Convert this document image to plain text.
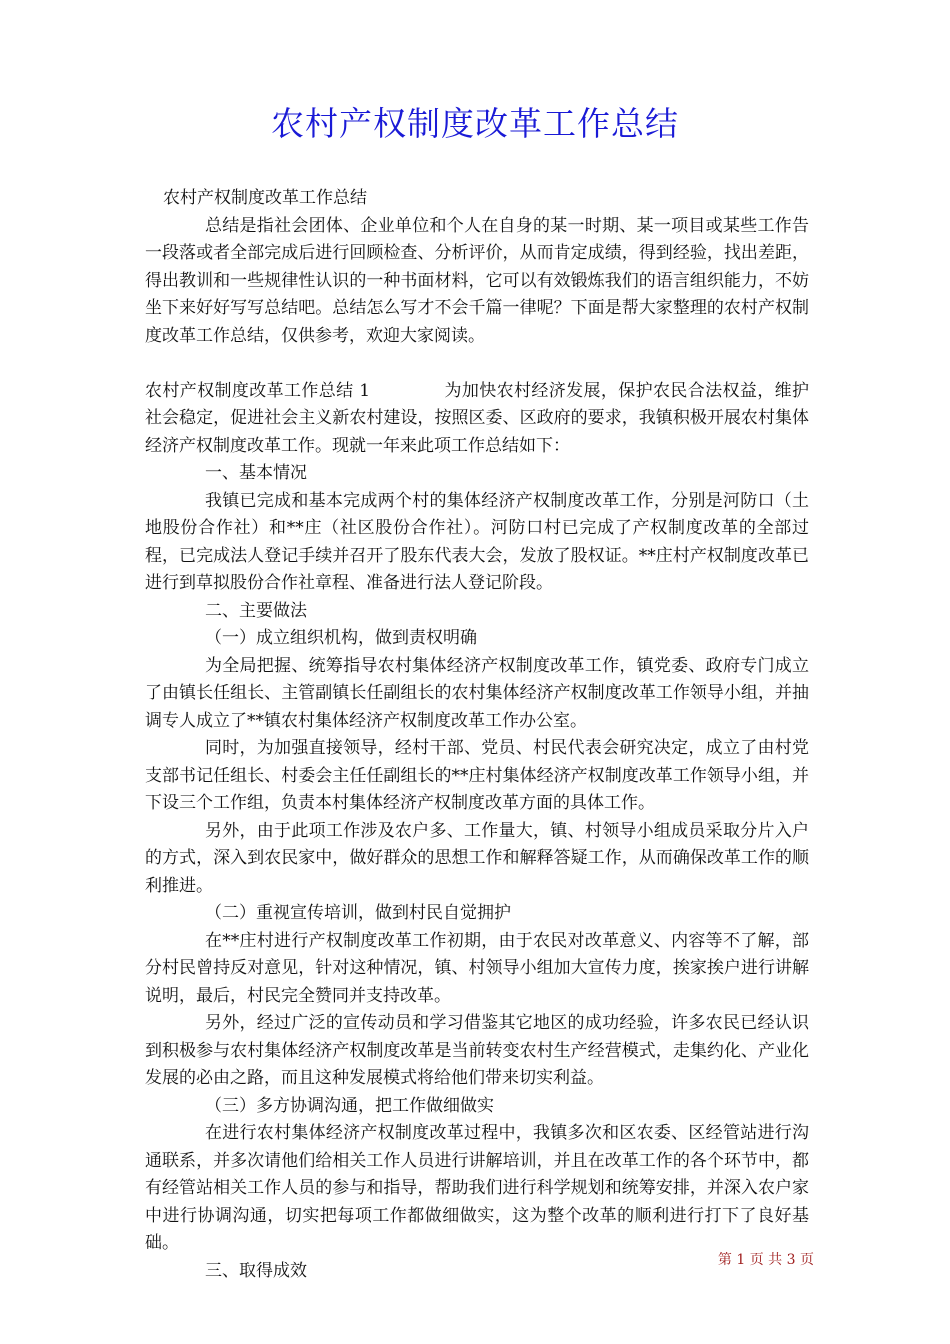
农村产权制度改革工作总结

农村产权制度改革工作总结

总结是指社会团体、企业单位和个人在自身的某一时期、某一项目或某些工作告一段落或者全部完成后进行回顾检查、分析评价，从而肯定成绩，得到经验，找出差距，得出教训和一些规律性认识的一种书面材料，它可以有效锻炼我们的语言组织能力，不妨坐下来好好写写总结吧。总结怎么写才不会千篇一律呢？下面是帮大家整理的农村产权制度改革工作总结，仅供参考，欢迎大家阅读。

农村产权制度改革工作总结 1	为加快农村经济发展，保护农民合法权益，维护社会稳定，促进社会主义新农村建设，按照区委、区政府的要求，我镇积极开展农村集体经济产权制度改革工作。现就一年来此项工作总结如下：

一、基本情况

我镇已完成和基本完成两个村的集体经济产权制度改革工作，分别是河防口（土地股份合作社）和**庄（社区股份合作社）。河防口村已完成了产权制度改革的全部过程，已完成法人登记手续并召开了股东代表大会，发放了股权证。**庄村产权制度改革已进行到草拟股份合作社章程、准备进行法人登记阶段。

二、主要做法

（一）成立组织机构，做到责权明确

为全局把握、统筹指导农村集体经济产权制度改革工作，镇党委、政府专门成立了由镇长任组长、主管副镇长任副组长的农村集体经济产权制度改革工作领导小组，并抽调专人成立了**镇农村集体经济产权制度改革工作办公室。

同时，为加强直接领导，经村干部、党员、村民代表会研究决定，成立了由村党支部书记任组长、村委会主任任副组长的**庄村集体经济产权制度改革工作领导小组，并下设三个工作组，负责本村集体经济产权制度改革方面的具体工作。

另外，由于此项工作涉及农户多、工作量大，镇、村领导小组成员采取分片入户的方式，深入到农民家中，做好群众的思想工作和解释答疑工作，从而确保改革工作的顺利推进。

（二）重视宣传培训，做到村民自觉拥护

在**庄村进行产权制度改革工作初期，由于农民对改革意义、内容等不了解，部分村民曾持反对意见，针对这种情况，镇、村领导小组加大宣传力度，挨家挨户进行讲解说明，最后，村民完全赞同并支持改革。

另外，经过广泛的宣传动员和学习借鉴其它地区的成功经验，许多农民已经认识到积极参与农村集体经济产权制度改革是当前转变农村生产经营模式，走集约化、产业化发展的必由之路，而且这种发展模式将给他们带来切实利益。

（三）多方协调沟通，把工作做细做实

在进行农村集体经济产权制度改革过程中，我镇多次和区农委、区经管站进行沟通联系，并多次请他们给相关工作人员进行讲解培训，并且在改革工作的各个环节中，都有经管站相关工作人员的参与和指导，帮助我们进行科学规划和统筹安排，并深入农户家中进行协调沟通，切实把每项工作都做细做实，这为整个改革的顺利进行打下了良好基础。

三、取得成效

第 1 页 共 3 页
